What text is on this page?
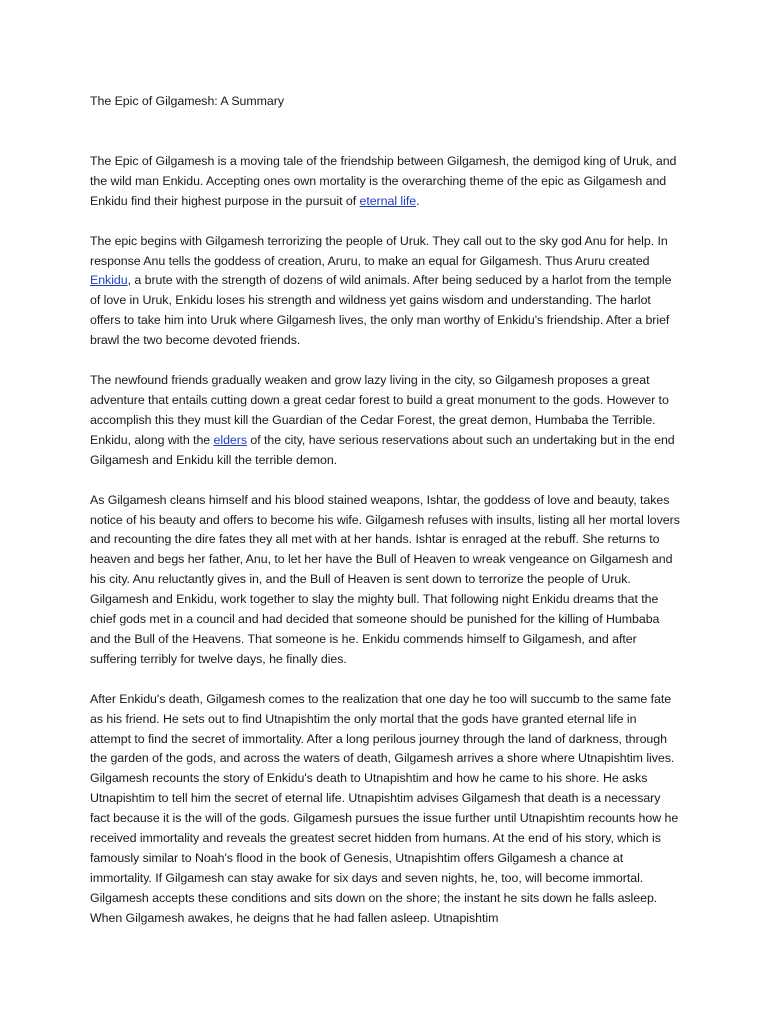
The Epic of Gilgamesh: A Summary

The Epic of Gilgamesh is a moving tale of the friendship between Gilgamesh, the demigod king of Uruk, and the wild man Enkidu. Accepting ones own mortality is the overarching theme of the epic as Gilgamesh and Enkidu find their highest purpose in the pursuit of eternal life.

The epic begins with Gilgamesh terrorizing the people of Uruk. They call out to the sky god Anu for help. In response Anu tells the goddess of creation, Aruru, to make an equal for Gilgamesh. Thus Aruru created Enkidu, a brute with the strength of dozens of wild animals. After being seduced by a harlot from the temple of love in Uruk, Enkidu loses his strength and wildness yet gains wisdom and understanding. The harlot offers to take him into Uruk where Gilgamesh lives, the only man worthy of Enkidu's friendship. After a brief brawl the two become devoted friends.

The newfound friends gradually weaken and grow lazy living in the city, so Gilgamesh proposes a great adventure that entails cutting down a great cedar forest to build a great monument to the gods. However to accomplish this they must kill the Guardian of the Cedar Forest, the great demon, Humbaba the Terrible. Enkidu, along with the elders of the city, have serious reservations about such an undertaking but in the end Gilgamesh and Enkidu kill the terrible demon.

As Gilgamesh cleans himself and his blood stained weapons, Ishtar, the goddess of love and beauty, takes notice of his beauty and offers to become his wife. Gilgamesh refuses with insults, listing all her mortal lovers and recounting the dire fates they all met with at her hands. Ishtar is enraged at the rebuff. She returns to heaven and begs her father, Anu, to let her have the Bull of Heaven to wreak vengeance on Gilgamesh and his city. Anu reluctantly gives in, and the Bull of Heaven is sent down to terrorize the people of Uruk. Gilgamesh and Enkidu, work together to slay the mighty bull. That following night Enkidu dreams that the chief gods met in a council and had decided that someone should be punished for the killing of Humbaba and the Bull of the Heavens. That someone is he. Enkidu commends himself to Gilgamesh, and after suffering terribly for twelve days, he finally dies.

After Enkidu's death, Gilgamesh comes to the realization that one day he too will succumb to the same fate as his friend. He sets out to find Utnapishtim the only mortal that the gods have granted eternal life in attempt to find the secret of immortality. After a long perilous journey through the land of darkness, through the garden of the gods, and across the waters of death, Gilgamesh arrives a shore where Utnapishtim lives. Gilgamesh recounts the story of Enkidu's death to Utnapishtim and how he came to his shore. He asks Utnapishtim to tell him the secret of eternal life. Utnapishtim advises Gilgamesh that death is a necessary fact because it is the will of the gods. Gilgamesh pursues the issue further until Utnapishtim recounts how he received immortality and reveals the greatest secret hidden from humans. At the end of his story, which is famously similar to Noah's flood in the book of Genesis, Utnapishtim offers Gilgamesh a chance at immortality. If Gilgamesh can stay awake for six days and seven nights, he, too, will become immortal. Gilgamesh accepts these conditions and sits down on the shore; the instant he sits down he falls asleep. When Gilgamesh awakes, he deigns that he had fallen asleep. Utnapishtim
